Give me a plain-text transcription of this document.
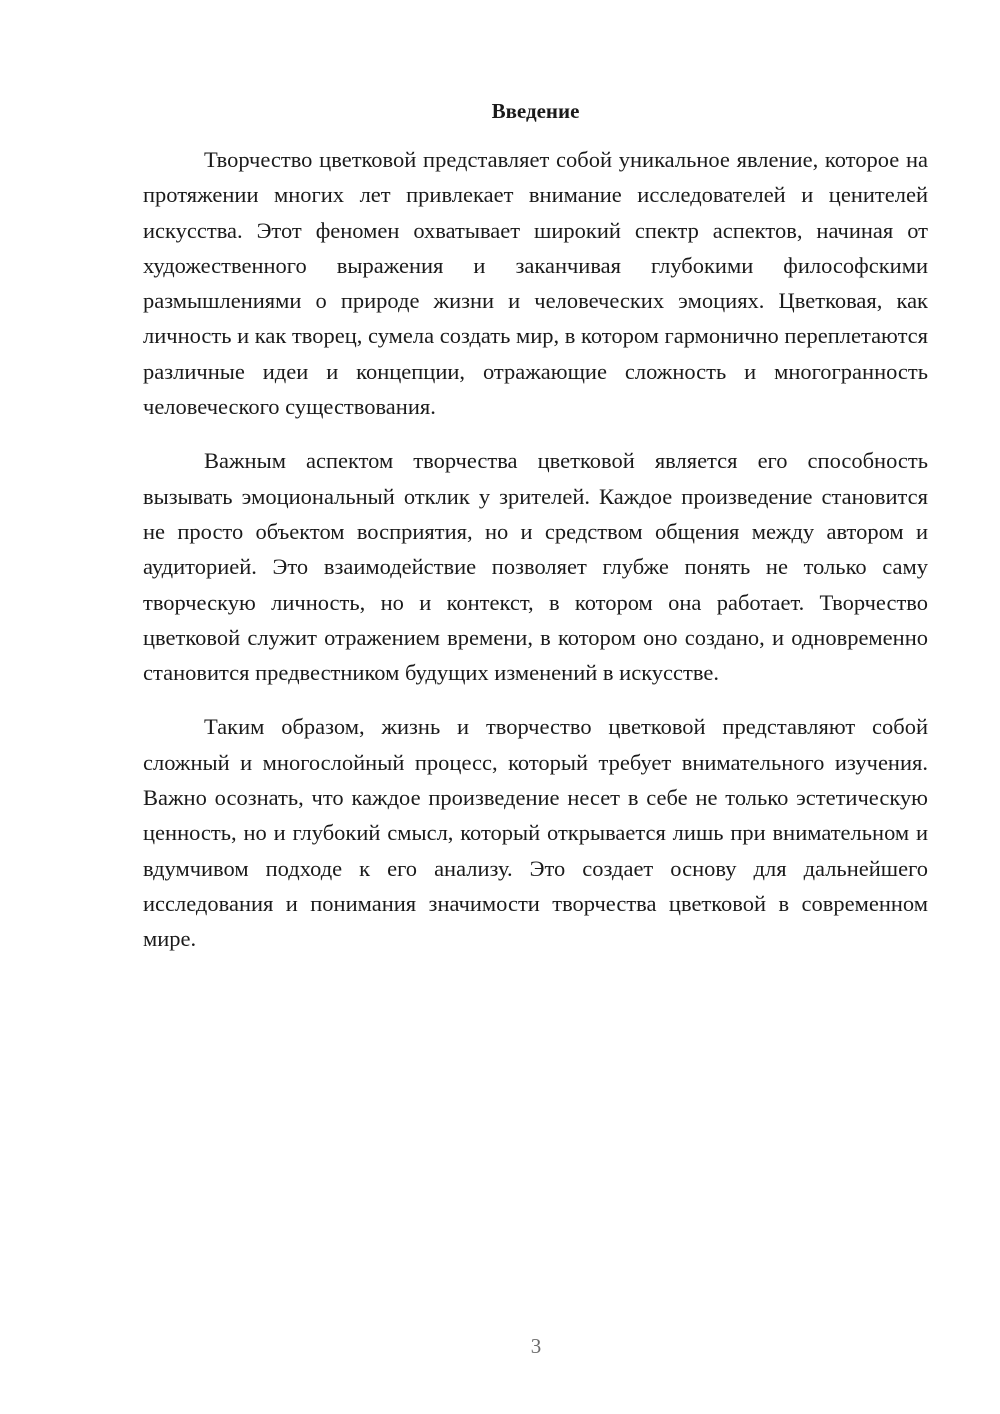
Введение

Творчество цветковой представляет собой уникальное явление, которое на протяжении многих лет привлекает внимание исследователей и ценителей искусства. Этот феномен охватывает широкий спектр аспектов, начиная от художественного выражения и заканчивая глубокими философскими размышлениями о природе жизни и человеческих эмоциях. Цветковая, как личность и как творец, сумела создать мир, в котором гармонично переплетаются различные идеи и концепции, отражающие сложность и многогранность человеческого существования.

Важным аспектом творчества цветковой является его способность вызывать эмоциональный отклик у зрителей. Каждое произведение становится не просто объектом восприятия, но и средством общения между автором и аудиторией. Это взаимодействие позволяет глубже понять не только саму творческую личность, но и контекст, в котором она работает. Творчество цветковой служит отражением времени, в котором оно создано, и одновременно становится предвестником будущих изменений в искусстве.

Таким образом, жизнь и творчество цветковой представляют собой сложный и многослойный процесс, который требует внимательного изучения. Важно осознать, что каждое произведение несет в себе не только эстетическую ценность, но и глубокий смысл, который открывается лишь при внимательном и вдумчивом подходе к его анализу. Это создает основу для дальнейшего исследования и понимания значимости творчества цветковой в современном мире.

3
